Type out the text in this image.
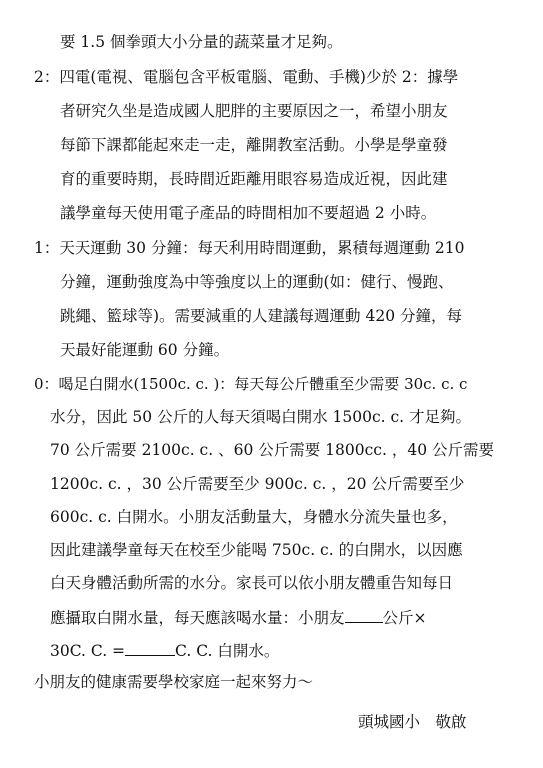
要 1.5 個拳頭大小分量的蔬菜量才足夠。
2：四電(電視、電腦包含平板電腦、電動、手機)少於 2：據學
者研究久坐是造成國人肥胖的主要原因之一，希望小朋友
每節下課都能起來走一走，離開教室活動。小學是學童發
育的重要時期，長時間近距離用眼容易造成近視，因此建
議學童每天使用電子產品的時間相加不要超過 2 小時。
1：天天運動 30 分鐘：每天利用時間運動，累積每週運動 210
分鐘，運動強度為中等強度以上的運動(如：健行、慢跑、
跳繩、籃球等)。需要減重的人建議每週運動 420 分鐘，每
天最好能運動 60 分鐘。
0：喝足白開水(1500c. c. )：每天每公斤體重至少需要 30c. c. c
水分，因此 50 公斤的人每天須喝白開水 1500c. c. 才足夠。
70 公斤需要 2100c. c. 、60 公斤需要 1800cc. ，40 公斤需要
1200c. c. ，30 公斤需要至少 900c. c. ，20 公斤需要至少
600c. c. 白開水。小朋友活動量大，身體水分流失量也多，
因此建議學童每天在校至少能喝 750c. c. 的白開水，以因應
白天身體活動所需的水分。家長可以依小朋友體重告知每日
應攝取白開水量，每天應該喝水量：小朋友 公斤×
30C. C. =	C. C. 白開水。
小朋友的健康需要學校家庭一起來努力～
頭城國小　敬啟
